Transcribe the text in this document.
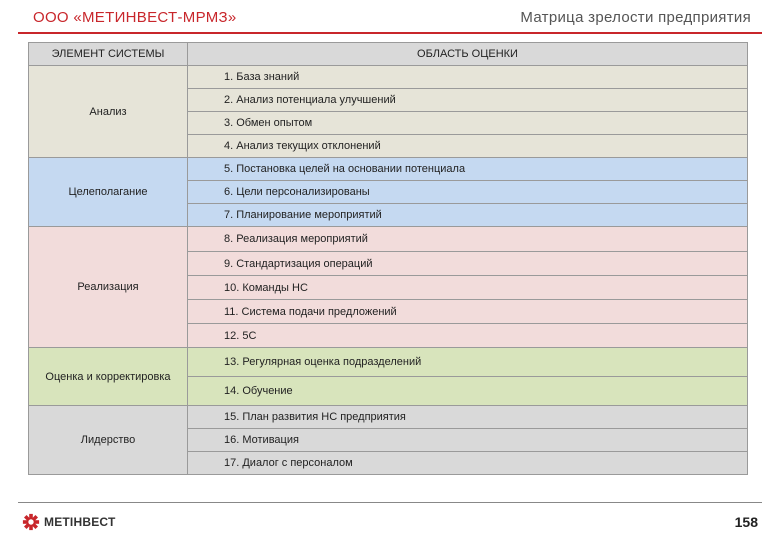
ООО «МЕТИНВЕСТ-МРМЗ»	Матрица зрелости предприятия
ЭЛЕМЕНТ СИСТЕМЫ	ОБЛАСТЬ ОЦЕНКИ
Анализ	1. База знаний
	2. Анализ потенциала улучшений
	3. Обмен опытом
	4. Анализ текущих отклонений
Целеполагание	5. Постановка целей на основании потенциала
	6. Цели персонализированы
	7. Планирование мероприятий
Реализация	8. Реализация мероприятий
	9. Стандартизация операций
	10. Команды НС
	11. Система подачи предложений
	12. 5С
Оценка и корректировка	13. Регулярная оценка подразделений
	14. Обучение
Лидерство	15. План развития НС предприятия
	16. Мотивация
	17. Диалог с персоналом
МЕТІНВЕСТ	158
